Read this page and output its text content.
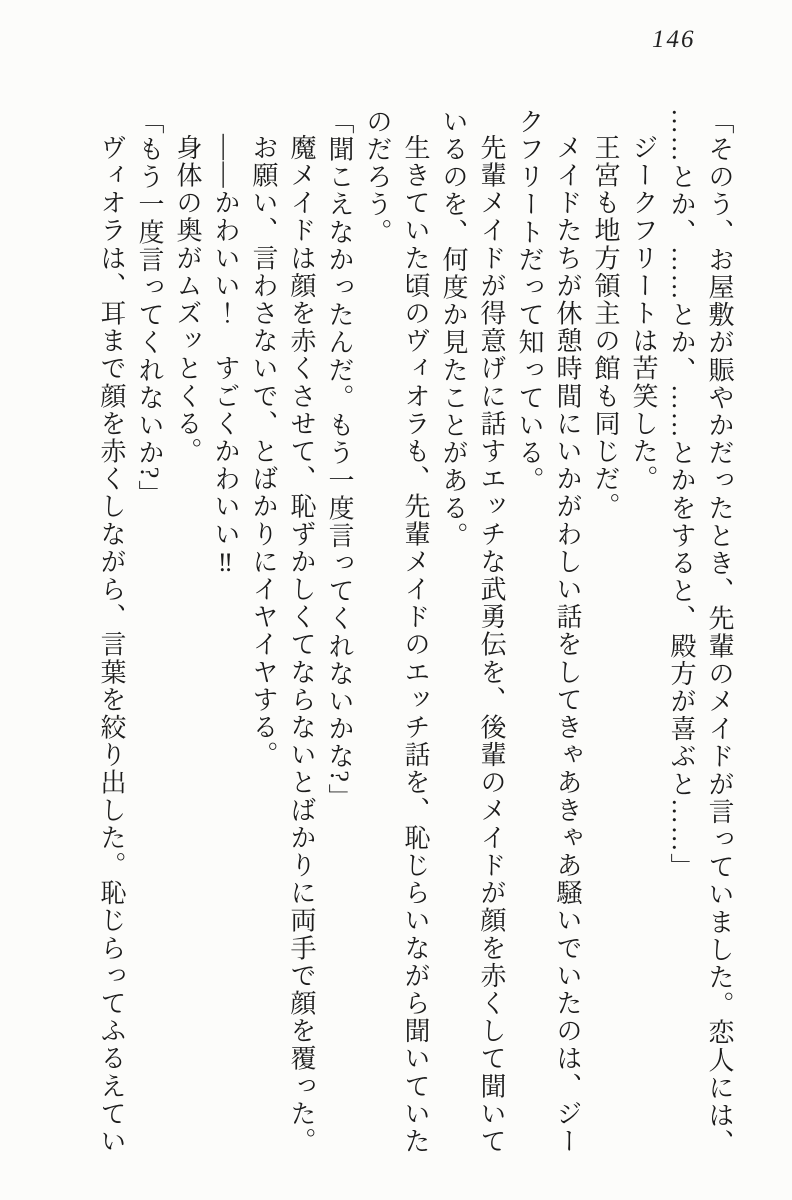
146

「そのう、お屋敷が賑やかだったとき、先輩のメイドが言っていました。恋人には、

……とか、……とか、……とかをすると、殿方が喜ぶと……」

ジークフリートは苦笑した。

王宮も地方領主の館も同じだ。

メイドたちが休憩時間にいかがわしい話をしてきゃあきゃあ騒いでいたのは、ジー

クフリートだって知っている。

先輩メイドが得意げに話すエッチな武勇伝を、後輩のメイドが顔を赤くして聞いて

いるのを、何度か見たことがある。

生きていた頃のヴィオラも、先輩メイドのエッチ話を、恥じらいながら聞いていた

のだろう。

「聞こえなかったんだ。もう一度言ってくれないかな?」

魔メイドは顔を赤くさせて、恥ずかしくてならないとばかりに両手で顔を覆った。

お願い、言わさないで、とばかりにイヤイヤする。

――かわいい！　すごくかわいい‼

身体の奥がムズッとくる。

「もう一度言ってくれないか?」

ヴィオラは、耳まで顔を赤くしながら、言葉を絞り出した。恥じらってふるえてい
